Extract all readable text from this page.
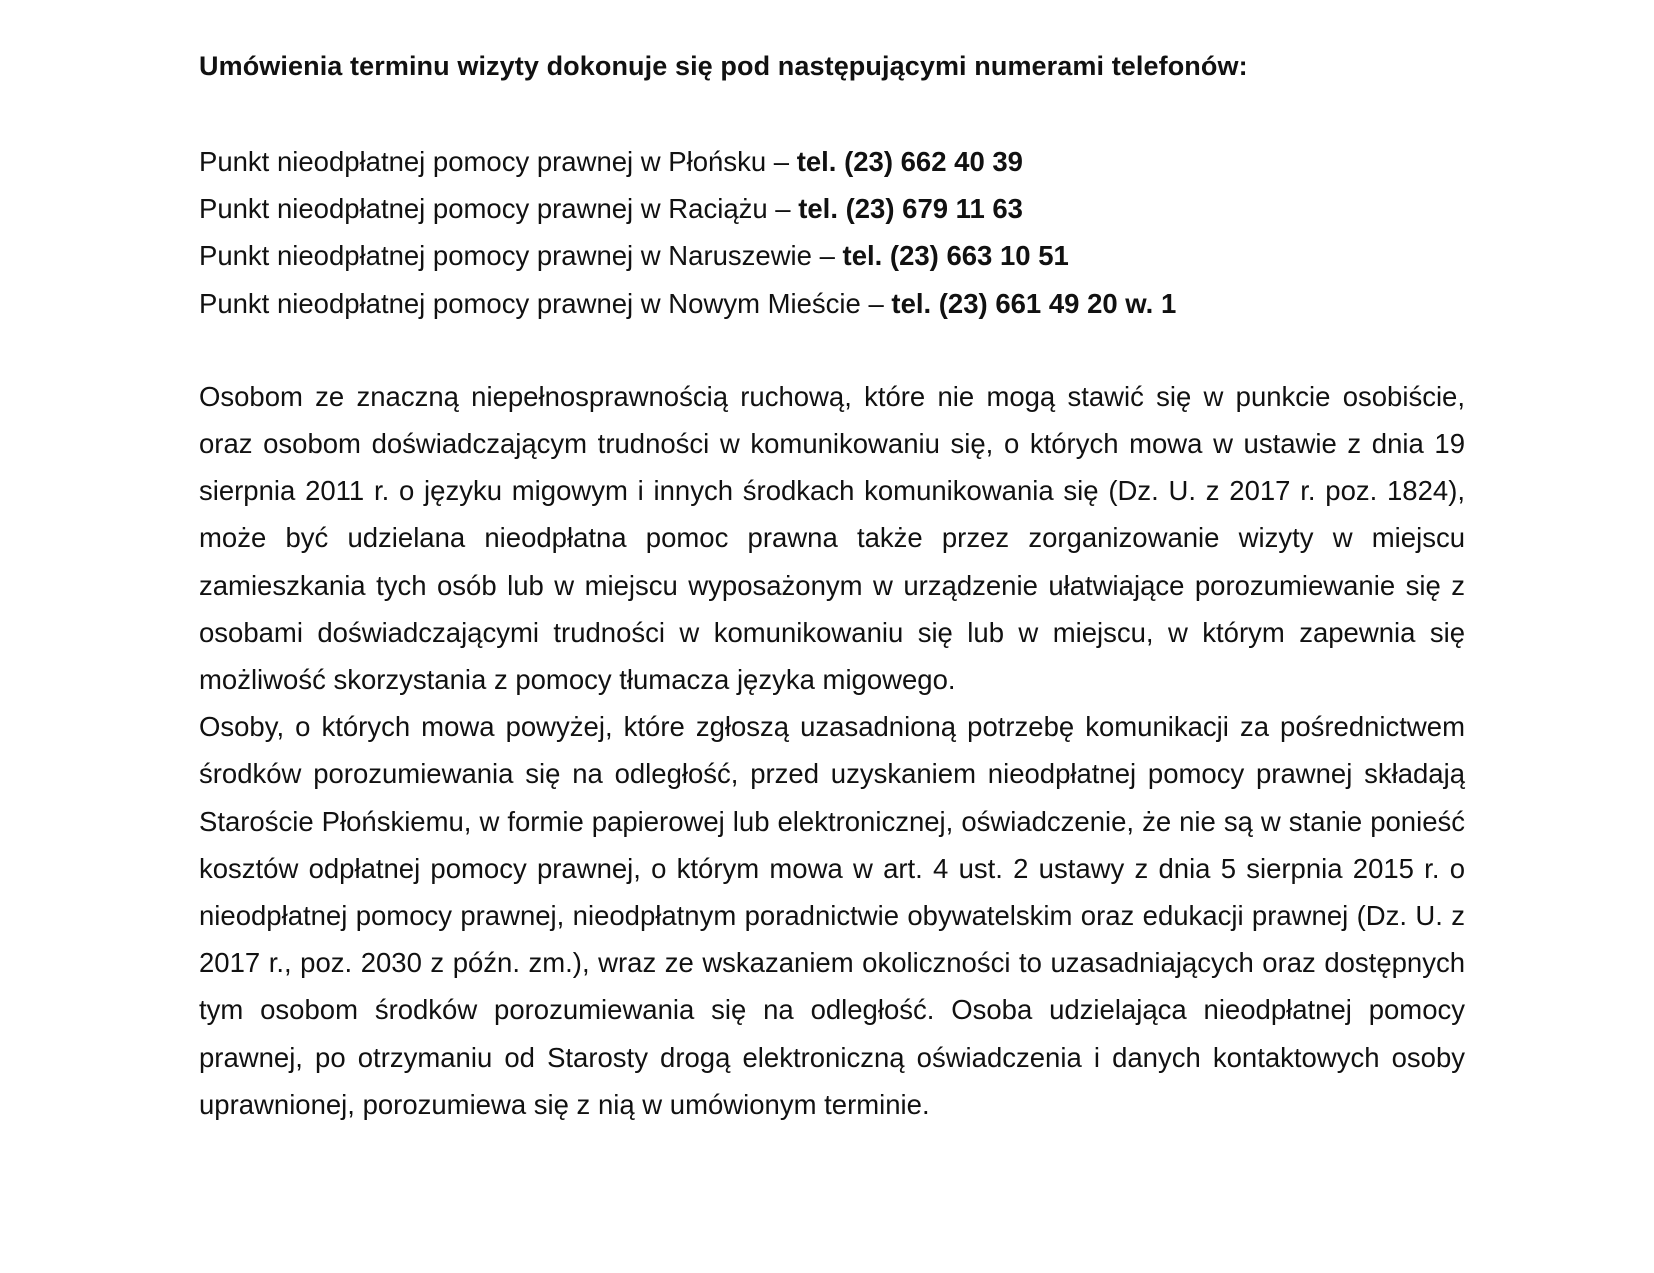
Umówienia terminu wizyty dokonuje się pod następującymi numerami telefonów:

Punkt nieodpłatnej pomocy prawnej w Płońsku – tel. (23) 662 40 39
Punkt nieodpłatnej pomocy prawnej w Raciążu – tel. (23) 679 11 63
Punkt nieodpłatnej pomocy prawnej w Naruszewie – tel. (23) 663 10 51
Punkt nieodpłatnej pomocy prawnej w Nowym Mieście – tel. (23) 661 49 20 w. 1

Osobom ze znaczną niepełnosprawnością ruchową, które nie mogą stawić się w punkcie osobiście, oraz osobom doświadczającym trudności w komunikowaniu się, o których mowa w ustawie z dnia 19 sierpnia 2011 r. o języku migowym i innych środkach komunikowania się (Dz. U. z 2017 r. poz. 1824), może być udzielana nieodpłatna pomoc prawna także przez zorganizowanie wizyty w miejscu zamieszkania tych osób lub w miejscu wyposażonym w urządzenie ułatwiające porozumiewanie się z osobami doświadczającymi trudności w komunikowaniu się lub w miejscu, w którym zapewnia się możliwość skorzystania z pomocy tłumacza języka migowego.

Osoby, o których mowa powyżej, które zgłoszą uzasadnioną potrzebę komunikacji za pośrednictwem środków porozumiewania się na odległość, przed uzyskaniem nieodpłatnej pomocy prawnej składają Staroście Płońskiemu, w formie papierowej lub elektronicznej, oświadczenie, że nie są w stanie ponieść kosztów odpłatnej pomocy prawnej, o którym mowa w art. 4 ust. 2 ustawy z dnia 5 sierpnia 2015 r. o nieodpłatnej pomocy prawnej, nieodpłatnym poradnictwie obywatelskim oraz edukacji prawnej (Dz. U. z 2017 r., poz. 2030 z późn. zm.), wraz ze wskazaniem okoliczności to uzasadniających oraz dostępnych tym osobom środków porozumiewania się na odległość. Osoba udzielająca nieodpłatnej pomocy prawnej, po otrzymaniu od Starosty drogą elektroniczną oświadczenia i danych kontaktowych osoby uprawnionej, porozumiewa się z nią w umówionym terminie.
